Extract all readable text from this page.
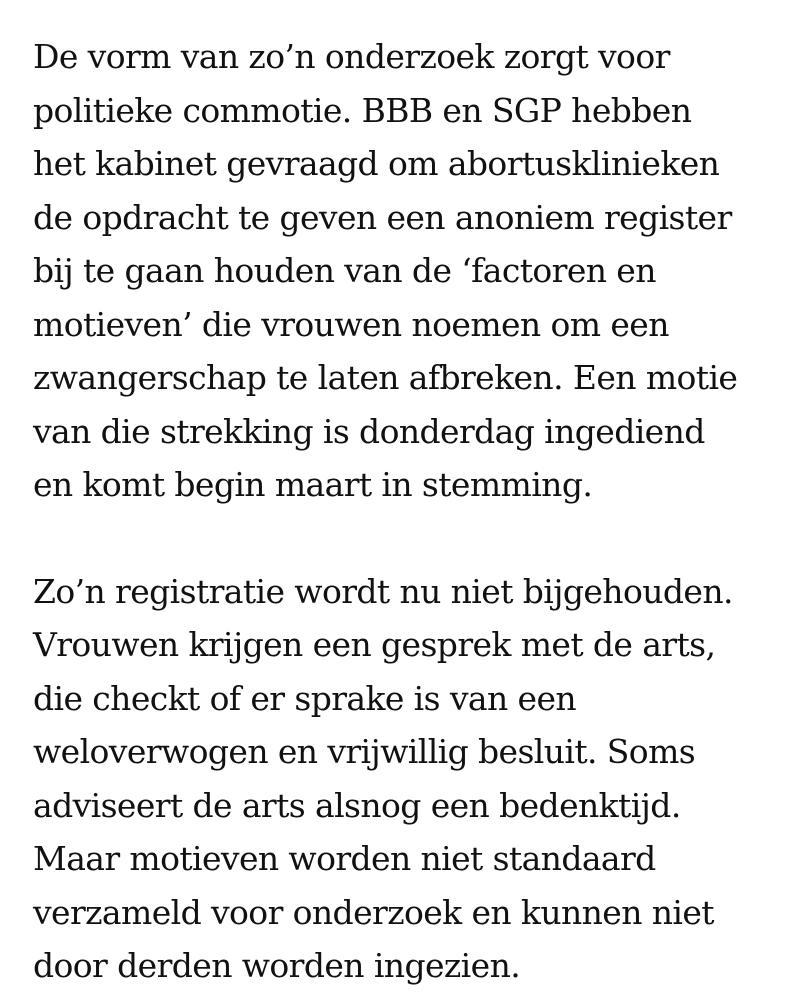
De vorm van zo’n onderzoek zorgt voor
politieke commotie. BBB en SGP hebben
het kabinet gevraagd om abortusklinieken
de opdracht te geven een anoniem register
bij te gaan houden van de ‘factoren en
motieven’ die vrouwen noemen om een
zwangerschap te laten afbreken. Een motie
van die strekking is donderdag ingediend
en komt begin maart in stemming.

Zo’n registratie wordt nu niet bijgehouden.
Vrouwen krijgen een gesprek met de arts,
die checkt of er sprake is van een
weloverwogen en vrijwillig besluit. Soms
adviseert de arts alsnog een bedenktijd.
Maar motieven worden niet standaard
verzameld voor onderzoek en kunnen niet
door derden worden ingezien.
